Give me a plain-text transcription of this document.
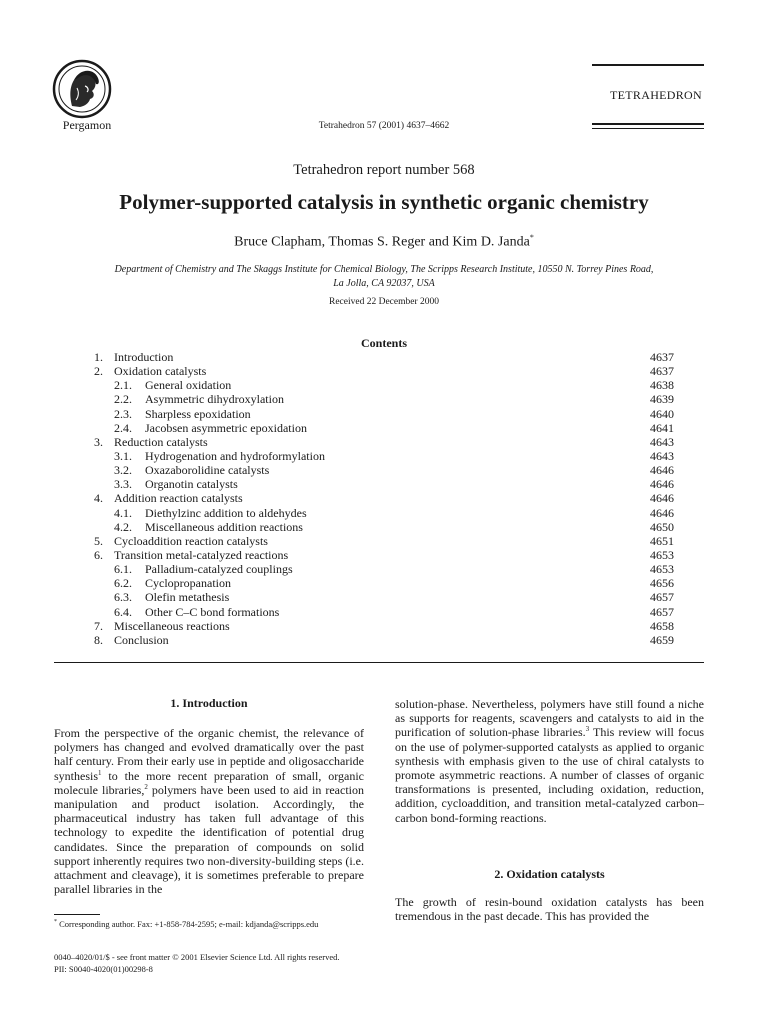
Pergamon	Tetrahedron 57 (2001) 4637–4662
TETRAHEDRON
Tetrahedron report number 568
Polymer-supported catalysis in synthetic organic chemistry
Bruce Clapham, Thomas S. Reger and Kim D. Janda*
Department of Chemistry and The Skaggs Institute for Chemical Biology, The Scripps Research Institute, 10550 N. Torrey Pines Road,
La Jolla, CA 92037, USA
Received 22 December 2000
Contents
1. Introduction	4637
2. Oxidation catalysts	4637
2.1. General oxidation	4638
2.2. Asymmetric dihydroxylation	4639
2.3. Sharpless epoxidation	4640
2.4. Jacobsen asymmetric epoxidation	4641
3. Reduction catalysts	4643
3.1. Hydrogenation and hydroformylation	4643
3.2. Oxazaborolidine catalysts	4646
3.3. Organotin catalysts	4646
4. Addition reaction catalysts	4646
4.1. Diethylzinc addition to aldehydes	4646
4.2. Miscellaneous addition reactions	4650
5. Cycloaddition reaction catalysts	4651
6. Transition metal-catalyzed reactions	4653
6.1. Palladium-catalyzed couplings	4653
6.2. Cyclopropanation	4656
6.3. Olefin metathesis	4657
6.4. Other C–C bond formations	4657
7. Miscellaneous reactions	4658
8. Conclusion	4659
1. Introduction

From the perspective of the organic chemist, the relevance of polymers has changed and evolved dramatically over the past half century. From their early use in peptide and oligosaccharide synthesis$^1$ to the more recent preparation of small, organic molecule libraries,$^2$ polymers have been used to aid in reaction manipulation and product isolation. Accordingly, the pharmaceutical industry has taken full advantage of this technology to expedite the identification of potential drug candidates. Since the preparation of compounds on solid support inherently requires two non-diversity-building steps (i.e. attachment and cleavage), it is sometimes preferable to prepare parallel libraries in the

solution-phase. Nevertheless, polymers have still found a niche as supports for reagents, scavengers and catalysts to aid in the purification of solution-phase libraries.$^3$ This review will focus on the use of polymer-supported catalysts as applied to organic synthesis with emphasis given to the use of chiral catalysts to promote asymmetric reactions. A number of classes of organic transformations is presented, including oxidation, reduction, addition, cycloaddition, and transition metal-catalyzed carbon–carbon bond-forming reactions.

2. Oxidation catalysts

The growth of resin-bound oxidation catalysts has been tremendous in the past decade. This has provided the

* Corresponding author. Fax: +1-858-784-2595; e-mail: kdjanda@scripps.edu
0040–4020/01/$ - see front matter © 2001 Elsevier Science Ltd. All rights reserved.
PII: S0040-4020(01)00298-8
